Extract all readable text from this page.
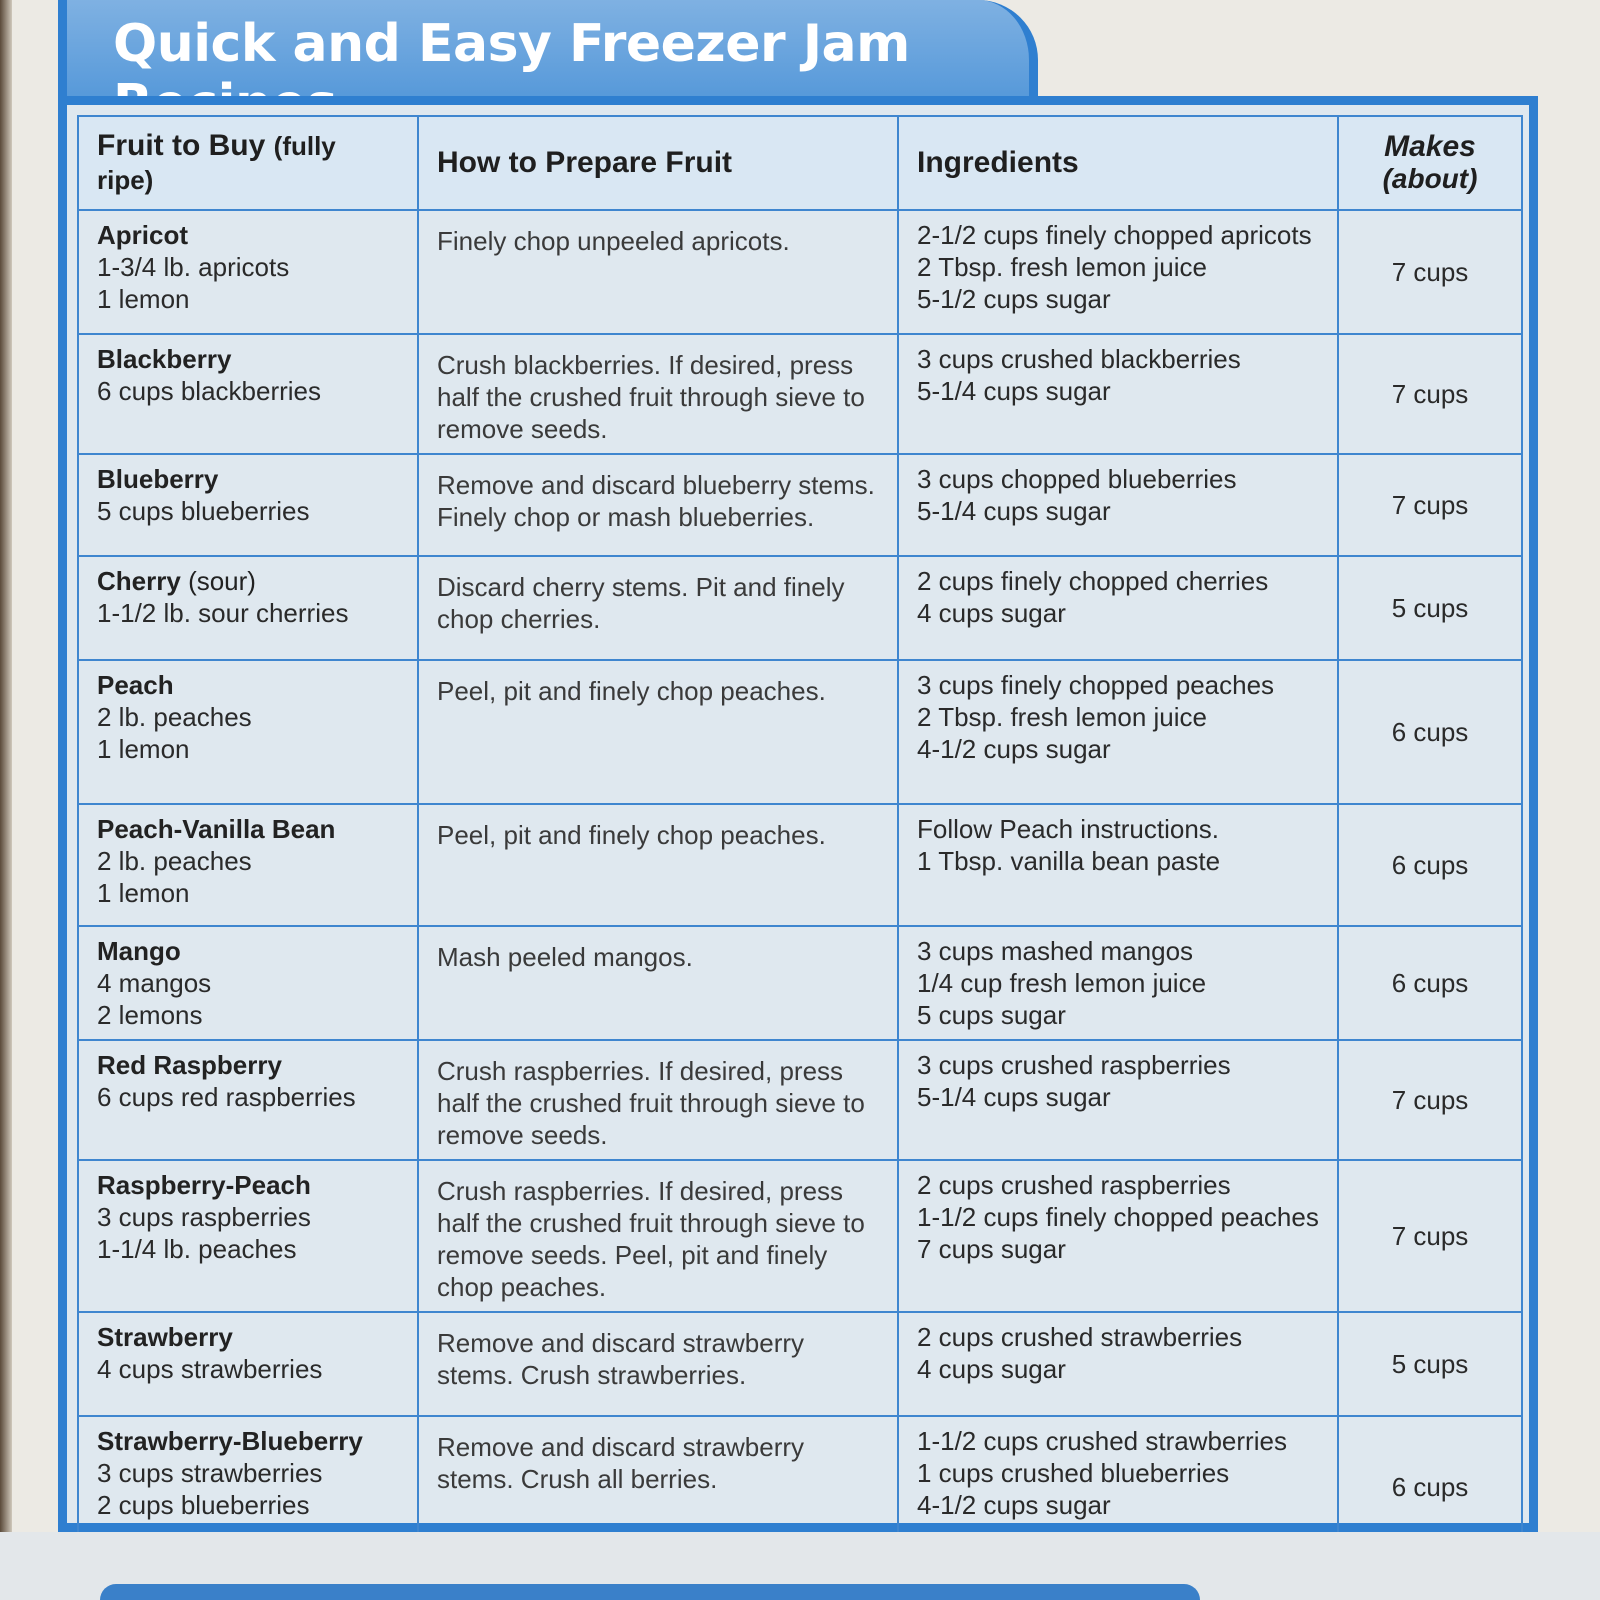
Quick and Easy Freezer Jam
Fruit to Buy (fully ripe)	How to Prepare Fruit	Ingredients	Makes
(about)

Apricot
1-3/4 lb. apricots
1 lemon	Finely chop unpeeled apricots.	2-1/2 cups finely chopped apricots
2 Tbsp. fresh lemon juice
5-1/2 cups sugar	7 cups

Blackberry
6 cups blackberries	Crush blackberries. If desired, press half the crushed fruit through sieve to remove seeds.	3 cups crushed blackberries
5-1/4 cups sugar	7 cups

Blueberry
5 cups blueberries	Remove and discard blueberry stems. Finely chop or mash blueberries.	3 cups chopped blueberries
5-1/4 cups sugar	7 cups

Cherry (sour)
1-1/2 lb. sour cherries	Discard cherry stems. Pit and finely chop cherries.	2 cups finely chopped cherries
4 cups sugar	5 cups

Peach
2 lb. peaches
1 lemon	Peel, pit and finely chop peaches.	3 cups finely chopped peaches
2 Tbsp. fresh lemon juice
4-1/2 cups sugar	6 cups

Peach-Vanilla Bean
2 lb. peaches
1 lemon	Peel, pit and finely chop peaches.	Follow Peach instructions.
1 Tbsp. vanilla bean paste	6 cups

Mango
4 mangos
2 lemons	Mash peeled mangos.	3 cups mashed mangos
1/4 cup fresh lemon juice
5 cups sugar	6 cups

Red Raspberry
6 cups red raspberries	Crush raspberries. If desired, press half the crushed fruit through sieve to remove seeds.	3 cups crushed raspberries
5-1/4 cups sugar	7 cups

Raspberry-Peach
3 cups raspberries
1-1/4 lb. peaches	Crush raspberries. If desired, press half the crushed fruit through sieve to remove seeds. Peel, pit and finely chop peaches.	2 cups crushed raspberries
1-1/2 cups finely chopped peaches
7 cups sugar	7 cups

Strawberry
4 cups strawberries	Remove and discard strawberry stems. Crush strawberries.	2 cups crushed strawberries
4 cups sugar	5 cups

Strawberry-Blueberry
3 cups strawberries
2 cups blueberries	Remove and discard strawberry stems. Crush all berries.	1-1/2 cups crushed strawberries
1 cups crushed blueberries
4-1/2 cups sugar	6 cups
